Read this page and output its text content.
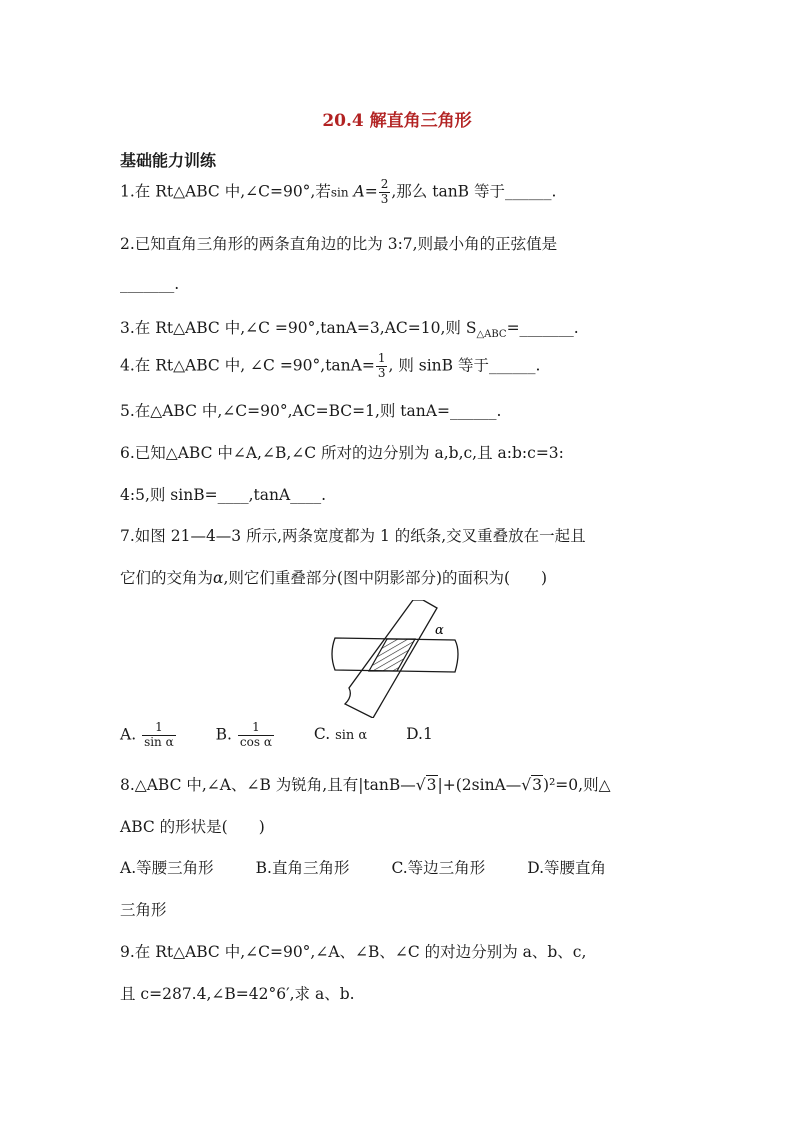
20.4 解直角三角形
基础能力训练
1.在 Rt△ABC 中,∠C=90°,若$\sin A= \frac{2}{3}$ ,那么 tanB 等于______.
2.已知直角三角形的两条直角边的比为 3:7,则最小角的正弦值是
_______.
3.在 Rt△ABC 中,∠C =90°,tanA=3,AC=10,则 $S_{\triangle ABC}=\_\_\_\_\_\_\_$.
4.在 Rt△ABC 中, ∠C $=90^\circ,\tan A= \frac{1}{3}$ , 则 sinB 等于______.
5.在△ABC 中,∠C=90°,AC=BC=1,则 tanA=______.
6.已知△ABC 中∠A,∠B,∠C 所对的边分别为 a,b,c,且 a:b:c=3:
4:5,则 sinB=____,tanA____.
7.如图 21—4—3 所示,两条宽度都为 1 的纸条,交叉重叠放在一起且
它们的交角为α,则它们重叠部分(图中阴影部分)的面积为(　　)
α
A. $\frac{1}{\text{sin α}}$	B. $\frac{1}{\text{cos α}}$	C. sin α	D.1
8.△ABC 中,∠A、∠B 为锐角,且有|tanB—√3|+(2sinA—√3)²=0,则△
ABC 的形状是(　　)
A.等腰三角形	B.直角三角形	C.等边三角形	D.等腰直角
三角形
9.在 Rt△ABC 中,∠C=90°,∠A、∠B、∠C 的对边分别为 a、b、c,
且 c=287.4,∠B=42°6′,求 a、b.
